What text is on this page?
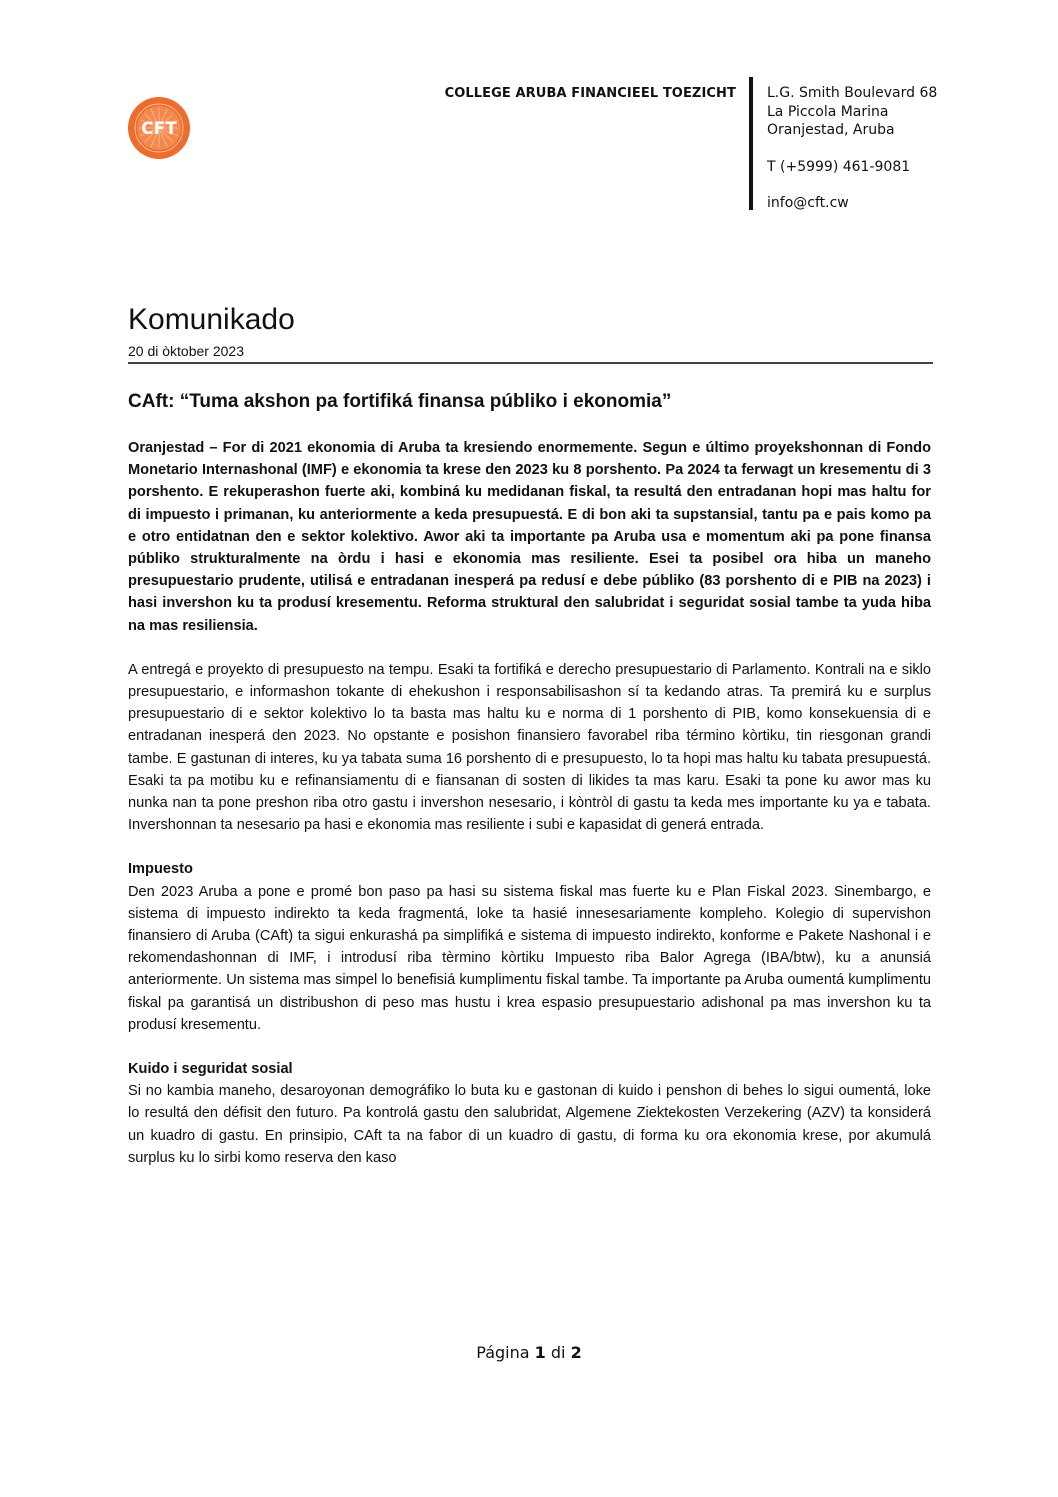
CFT
COLLEGE ARUBA FINANCIEEL TOEZICHT L.G. Smith Boulevard 68
La Piccola Marina
Oranjestad, Aruba
T (+5999) 461-9081
info@cft.cw
Komunikado
20 di òktober 2023
CAft: “Tuma akshon pa fortifiká finansa públiko i ekonomia”

Oranjestad – For di 2021 ekonomia di Aruba ta kresiendo enormemente. Segun e último proyekshonnan di Fondo Monetario Internashonal (IMF) e ekonomia ta krese den 2023 ku 8 porshento. Pa 2024 ta ferwagt un kresementu di 3 porshento. E rekuperashon fuerte aki, kombiná ku medidanan fiskal, ta resultá den entradanan hopi mas haltu for di impuesto i primanan, ku anteriormente a keda presupuestá. E di bon aki ta supstansial, tantu pa e pais komo pa e otro entidatnan den e sektor kolektivo. Awor aki ta importante pa Aruba usa e momentum aki pa pone finansa públiko strukturalmente na òrdu i hasi e ekonomia mas resiliente. Esei ta posibel ora hiba un maneho presupuestario prudente, utilisá e entradanan inesperá pa redusí e debe públiko (83 porshento di e PIB na 2023) i hasi invershon ku ta produsí kresementu. Reforma struktural den salubridat i seguridat sosial tambe ta yuda hiba na mas resiliensia.

A entregá e proyekto di presupuesto na tempu. Esaki ta fortifiká e derecho presupuestario di Parlamento. Kontrali na e siklo presupuestario, e informashon tokante di ehekushon i responsabilisashon sí ta kedando atras. Ta premirá ku e surplus presupuestario di e sektor kolektivo lo ta basta mas haltu ku e norma di 1 porshento di PIB, komo konsekuensia di e entradanan inesperá den 2023. No opstante e posishon finansiero favorabel riba término kòrtiku, tin riesgonan grandi tambe. E gastunan di interes, ku ya tabata suma 16 porshento di e presupuesto, lo ta hopi mas haltu ku tabata presupuestá. Esaki ta pa motibu ku e refinansiamentu di e fiansanan di sosten di likides ta mas karu. Esaki ta pone ku awor mas ku nunka nan ta pone preshon riba otro gastu i invershon nesesario, i kòntròl di gastu ta keda mes importante ku ya e tabata. Invershonnan ta nesesario pa hasi e ekonomia mas resiliente i subi e kapasidat di generá entrada.

Impuesto

Den 2023 Aruba a pone e promé bon paso pa hasi su sistema fiskal mas fuerte ku e Plan Fiskal 2023. Sinembargo, e sistema di impuesto indirekto ta keda fragmentá, loke ta hasié innesesariamente kompleho. Kolegio di supervishon finansiero di Aruba (CAft) ta sigui enkurashá pa simplifiká e sistema di impuesto indirekto, konforme e Pakete Nashonal i e rekomendashonnan di IMF, i introdusí riba tèrmino kòrtiku Impuesto riba Balor Agrega (IBA/btw), ku a anunsiá anteriormente. Un sistema mas simpel lo benefisiá kumplimentu fiskal tambe. Ta importante pa Aruba oumentá kumplimentu fiskal pa garantisá un distribushon di peso mas hustu i krea espasio presupuestario adishonal pa mas invershon ku ta produsí kresementu.

Kuido i seguridat sosial

Si no kambia maneho, desaroyonan demográfiko lo buta ku e gastonan di kuido i penshon di behes lo sigui oumentá, loke lo resultá den défisit den futuro. Pa kontrolá gastu den salubridat, Algemene Ziektekosten Verzekering (AZV) ta konsiderá un kuadro di gastu. En prinsipio, CAft ta na fabor di un kuadro di gastu, di forma ku ora ekonomia krese, por akumulá surplus ku lo sirbi komo reserva den kaso

Página 1 di 2
